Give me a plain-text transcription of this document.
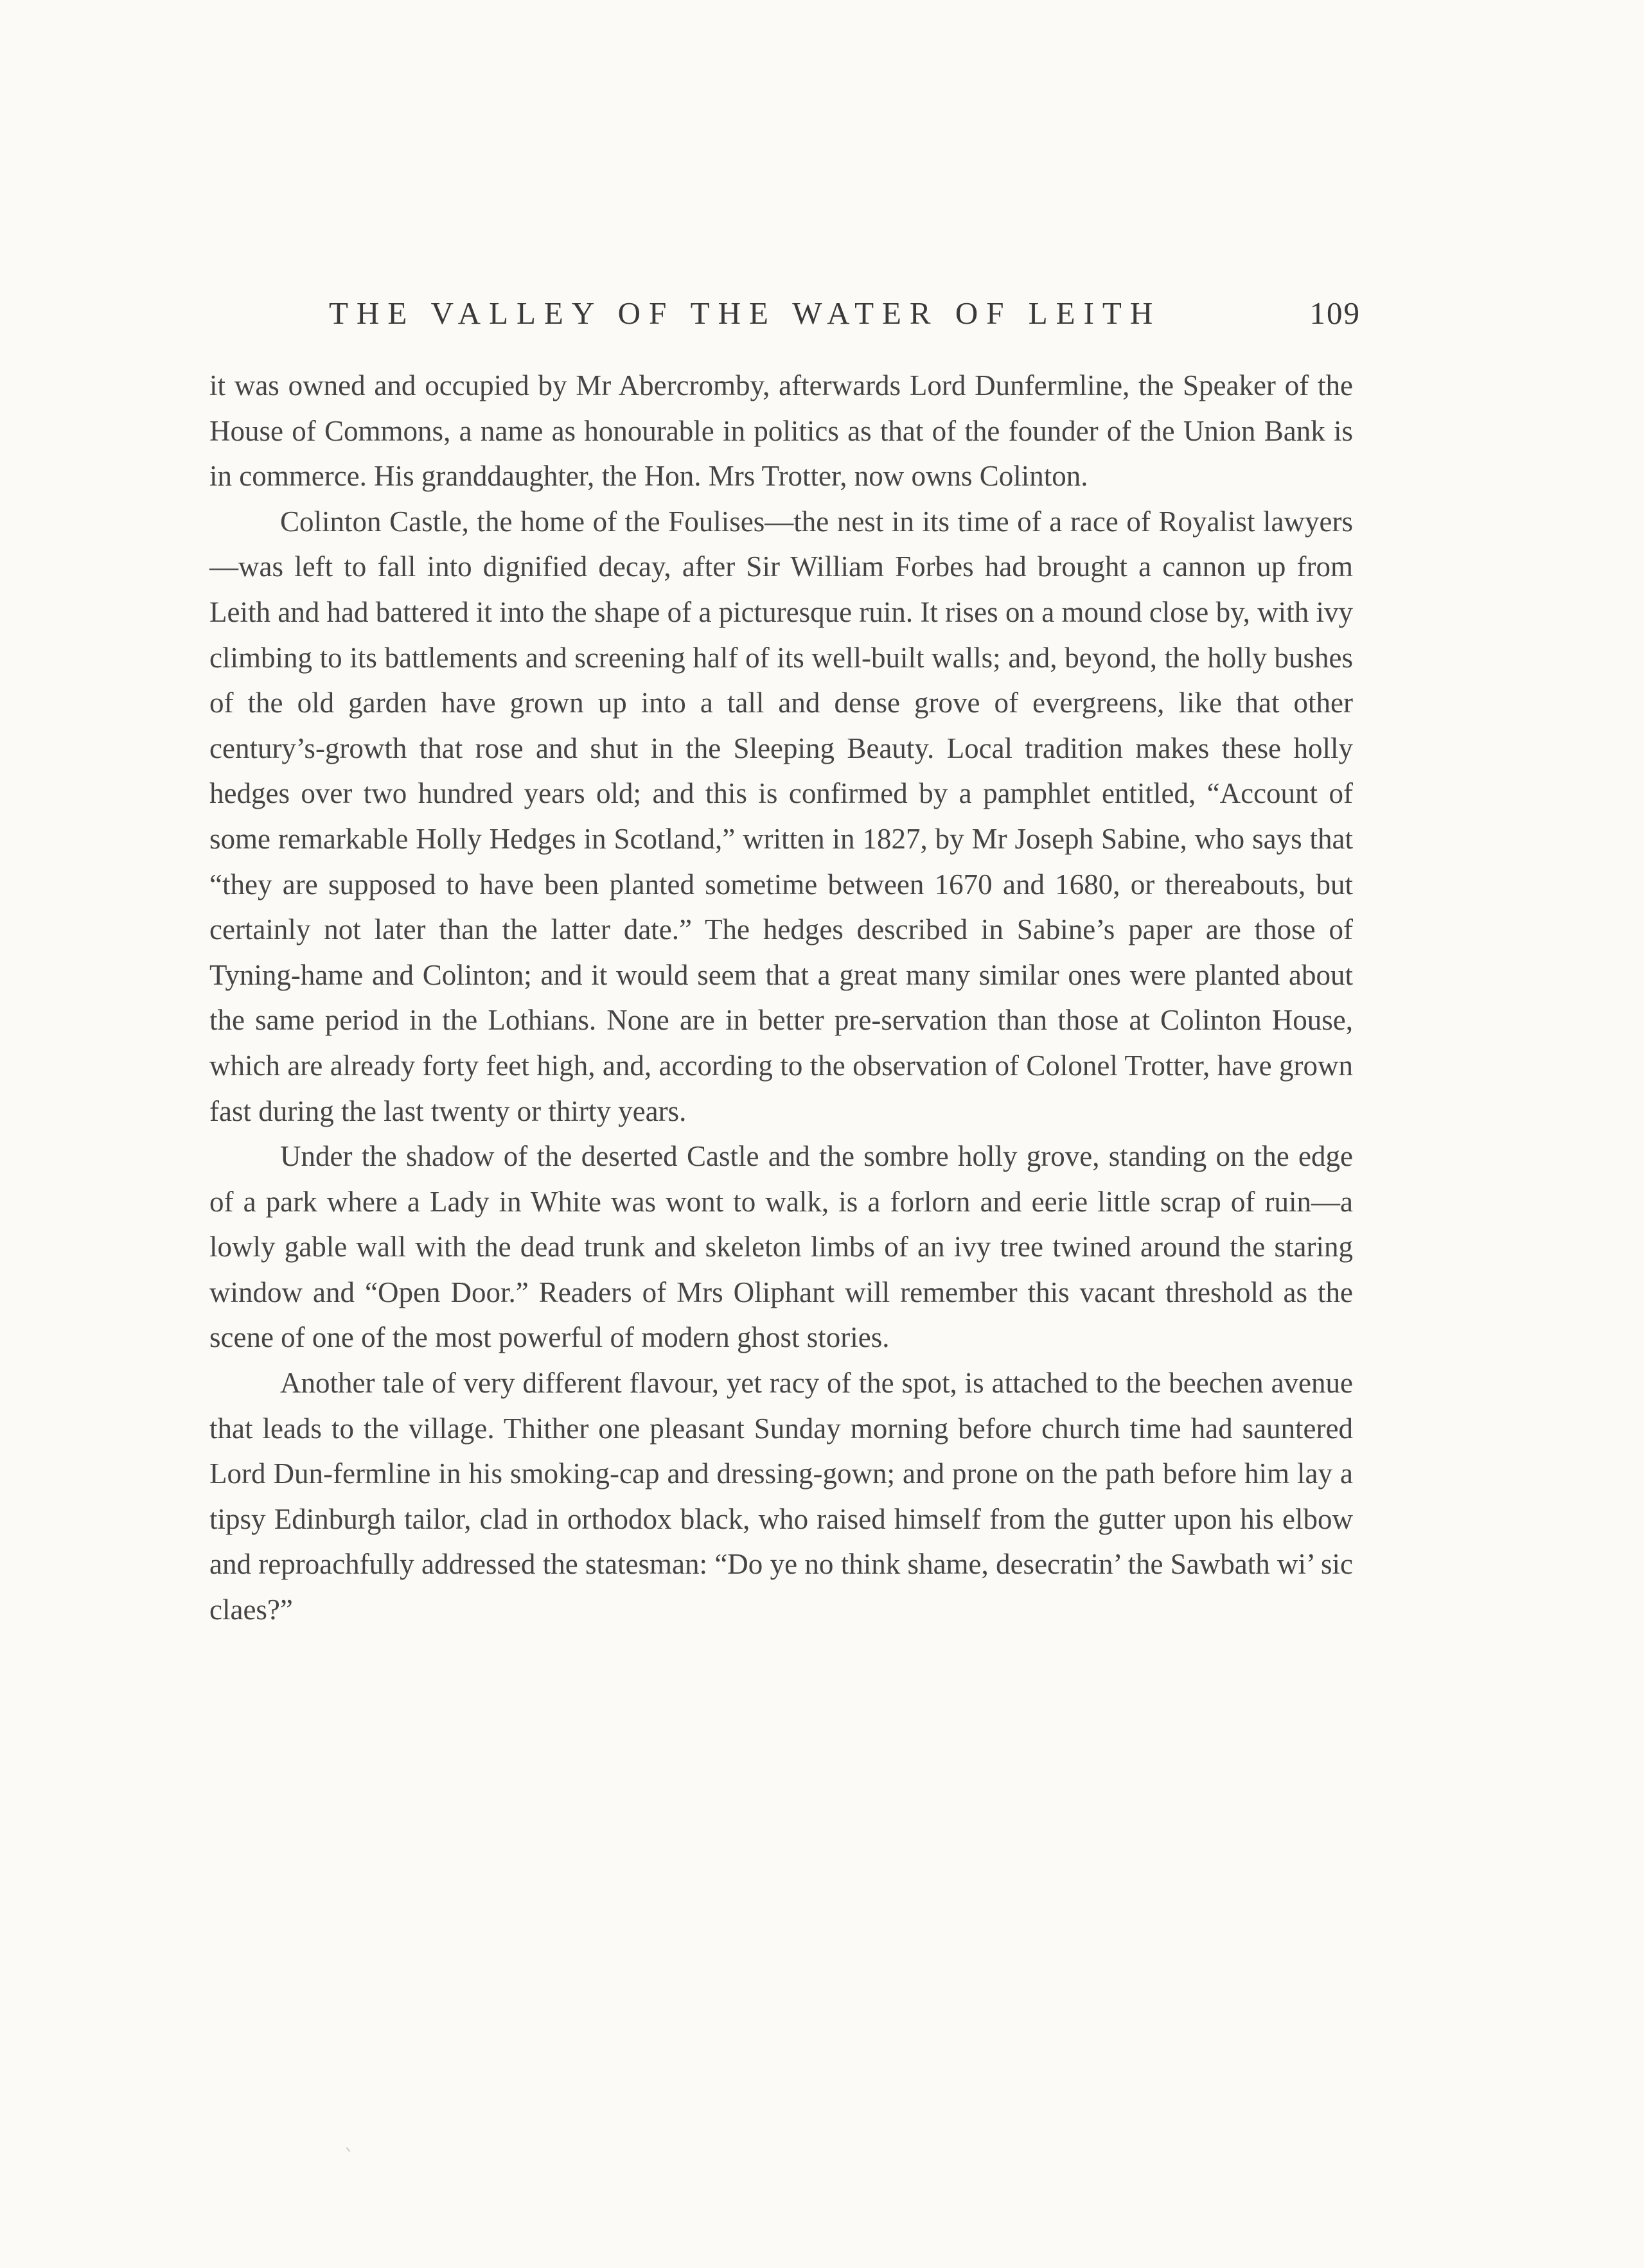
THE VALLEY OF THE WATER OF LEITH	109

it was owned and occupied by Mr Abercromby, afterwards Lord Dunfermline, the Speaker of the House of Commons, a name as honourable in politics as that of the founder of the Union Bank is in commerce. His granddaughter, the Hon. Mrs Trotter, now owns Colinton.

Colinton Castle, the home of the Foulises—the nest in its time of a race of Royalist lawyers—was left to fall into dignified decay, after Sir William Forbes had brought a cannon up from Leith and had battered it into the shape of a picturesque ruin. It rises on a mound close by, with ivy climbing to its battlements and screening half of its well-built walls; and, beyond, the holly bushes of the old garden have grown up into a tall and dense grove of evergreens, like that other century’s-growth that rose and shut in the Sleeping Beauty. Local tradition makes these holly hedges over two hundred years old; and this is confirmed by a pamphlet entitled, “Account of some remarkable Holly Hedges in Scotland,” written in 1827, by Mr Joseph Sabine, who says that “they are supposed to have been planted sometime between 1670 and 1680, or thereabouts, but certainly not later than the latter date.” The hedges described in Sabine’s paper are those of Tyning-hame and Colinton; and it would seem that a great many similar ones were planted about the same period in the Lothians. None are in better pre-servation than those at Colinton House, which are already forty feet high, and, according to the observation of Colonel Trotter, have grown fast during the last twenty or thirty years.

Under the shadow of the deserted Castle and the sombre holly grove, standing on the edge of a park where a Lady in White was wont to walk, is a forlorn and eerie little scrap of ruin—a lowly gable wall with the dead trunk and skeleton limbs of an ivy tree twined around the staring window and “Open Door.” Readers of Mrs Oliphant will remember this vacant threshold as the scene of one of the most powerful of modern ghost stories.

Another tale of very different flavour, yet racy of the spot, is attached to the beechen avenue that leads to the village. Thither one pleasant Sunday morning before church time had sauntered Lord Dun-fermline in his smoking-cap and dressing-gown; and prone on the path before him lay a tipsy Edinburgh tailor, clad in orthodox black, who raised himself from the gutter upon his elbow and reproachfully addressed the statesman: “Do ye no think shame, desecratin’ the Sawbath wi’ sic claes?”
